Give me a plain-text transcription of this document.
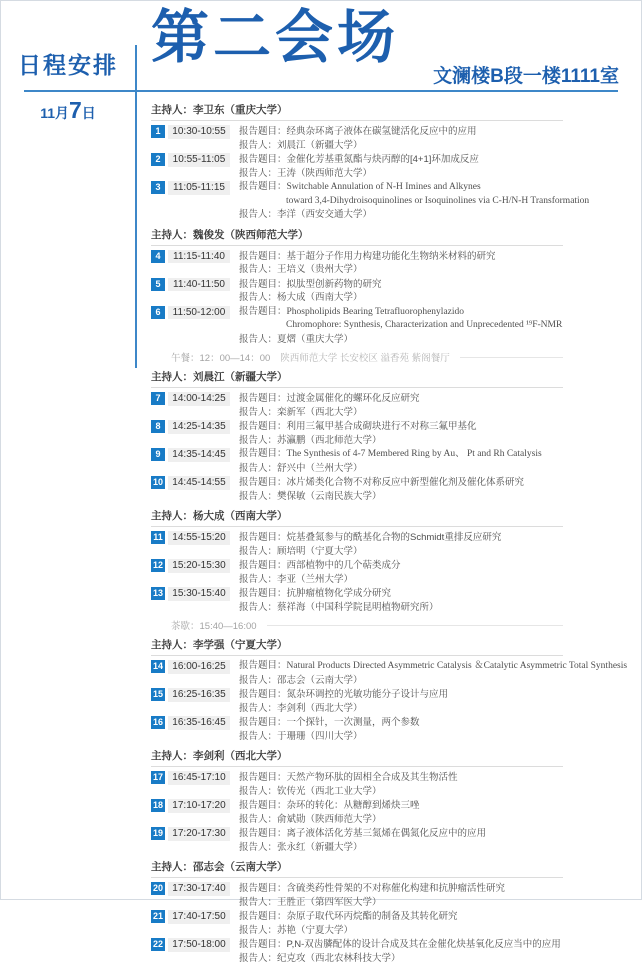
日程安排 第二会场
文澜楼B段一楼1111室
11月7日	主持人：李卫东（重庆大学）
1	10:30-10:55	报告题目：经典杂环离子液体在碳氢键活化反应中的应用
报告人：刘晨江（新疆大学）
2	10:55-11:05	报告题目：金催化芳基重氮酯与炔丙醇的[4+1]环加成反应
报告人：王涛（陕西师范大学）
3	11:05-11:15	报告题目：Switchable Annulation of N-H Imines and Alkynes
toward 3,4-Dihydroisoquinolines or Isoquinolines via C-H/N-H Transformation
报告人：李洋（西安交通大学）
主持人：魏俊发（陕西师范大学）
4	11:15-11:40	报告题目：基于超分子作用力构建功能化生物纳米材料的研究
报告人：王培义（贵州大学）
5	11:40-11:50	报告题目：拟肽型创新药物的研究
报告人：杨大成（西南大学）
6	11:50-12:00	报告题目：Phospholipids Bearing Tetrafluorophenylazido
Chromophore: Synthesis, Characterization and Unprecedented ¹⁹F-NMR
报告人：夏熠（重庆大学）
午餐：12：00—14：00 陕西师范大学 长安校区 溢香苑 紫阁餐厅
主持人：刘晨江（新疆大学）
7	14:00-14:25	报告题目：过渡金属催化的螺环化反应研究
报告人：栾新军（西北大学）
8	14:25-14:35	报告题目：利用三氟甲基合成砌块进行不对称三氟甲基化
报告人：苏瀛鹏（西北师范大学）
9	14:35-14:45	报告题目：The Synthesis of 4-7 Membered Ring by Au、 Pt and Rh Catalysis
报告人：舒兴中（兰州大学）
10 14:45-14:55	报告题目：冰片烯类化合物不对称反应中新型催化剂及催化体系研究
报告人：樊保敏（云南民族大学）
主持人：杨大成（西南大学）
11 14:55-15:20	报告题目：烷基叠氮参与的酰基化合物的Schmidt重排反应研究
报告人：顾培明（宁夏大学）
12 15:20-15:30	报告题目：西部植物中的几个萜类成分
报告人：李亚（兰州大学）
13 15:30-15:40	报告题目：抗肿瘤植物化学成分研究
报告人：蔡祥海（中国科学院昆明植物研究所）
茶歇：15:40—16:00
主持人：李学强（宁夏大学）
14 16:00-16:25	报告题目：Natural Products Directed Asymmetric Catalysis ＆Catalytic Asymmetric Total Synthesis
报告人：邵志会（云南大学）
15 16:25-16:35	报告题目：氮杂环调控的光敏功能分子设计与应用
报告人：李剑利（西北大学）
16 16:35-16:45	报告题目：一个探针，一次测量，两个参数
报告人：于珊珊（四川大学）
主持人：李剑利（西北大学）
17 16:45-17:10	报告题目：天然产物环肽的固相全合成及其生物活性
报告人：钦传光（西北工业大学）
18 17:10-17:20	报告题目：杂环的转化：从糖醇到烯炔三唑
报告人：俞斌勋（陕西师范大学）
19 17:20-17:30	报告题目：离子液体活化芳基三氮烯在偶氮化反应中的应用
报告人：张永红（新疆大学）
主持人：邵志会（云南大学）
20 17:30-17:40	报告题目：含硫类药性骨架的不对称催化构建和抗肿瘤活性研究
报告人：王胜正（第四军医大学）
21 17:40-17:50	报告题目：杂原子取代环丙烷酯的制备及其转化研究
报告人：苏艳（宁夏大学）
22 17:50-18:00	报告题目：P,N-双齿膦配体的设计合成及其在金催化炔基氧化反应当中的应用
报告人：纪克攻（西北农林科技大学）
